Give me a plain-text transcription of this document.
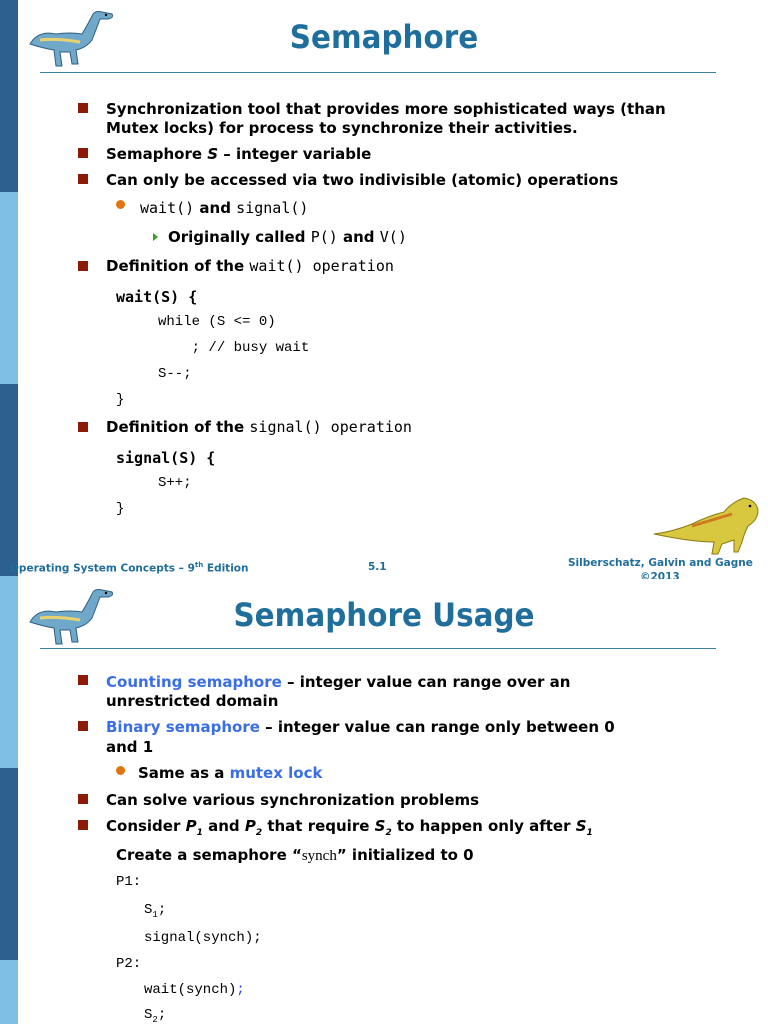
Semaphore
Synchronization tool that provides more sophisticated ways (than
Mutex locks) for process to synchronize their activities.
Semaphore S – integer variable
Can only be accessed via two indivisible (atomic) operations
wait() and signal()
Originally called P() and V()
Definition of the wait() operation
wait(S) {
while (S <= 0)
; // busy wait
S--;
}
Definition of the signal() operation
signal(S) {
S++;
}
Operating System Concepts – 9th Edition	5.1	Silberschatz, Galvin and Gagne
©2013
Semaphore Usage
Counting semaphore – integer value can range over an
unrestricted domain
Binary semaphore – integer value can range only between 0
and 1
Same as a mutex lock
Can solve various synchronization problems
Consider $P_1$ and $P_2$ that require $S_2$ to happen only after $S_1$
Create a semaphore “synch” initialized to 0
P1:
$S_1$;
signal(synch);
P2:
wait(synch);
$S_2$;
